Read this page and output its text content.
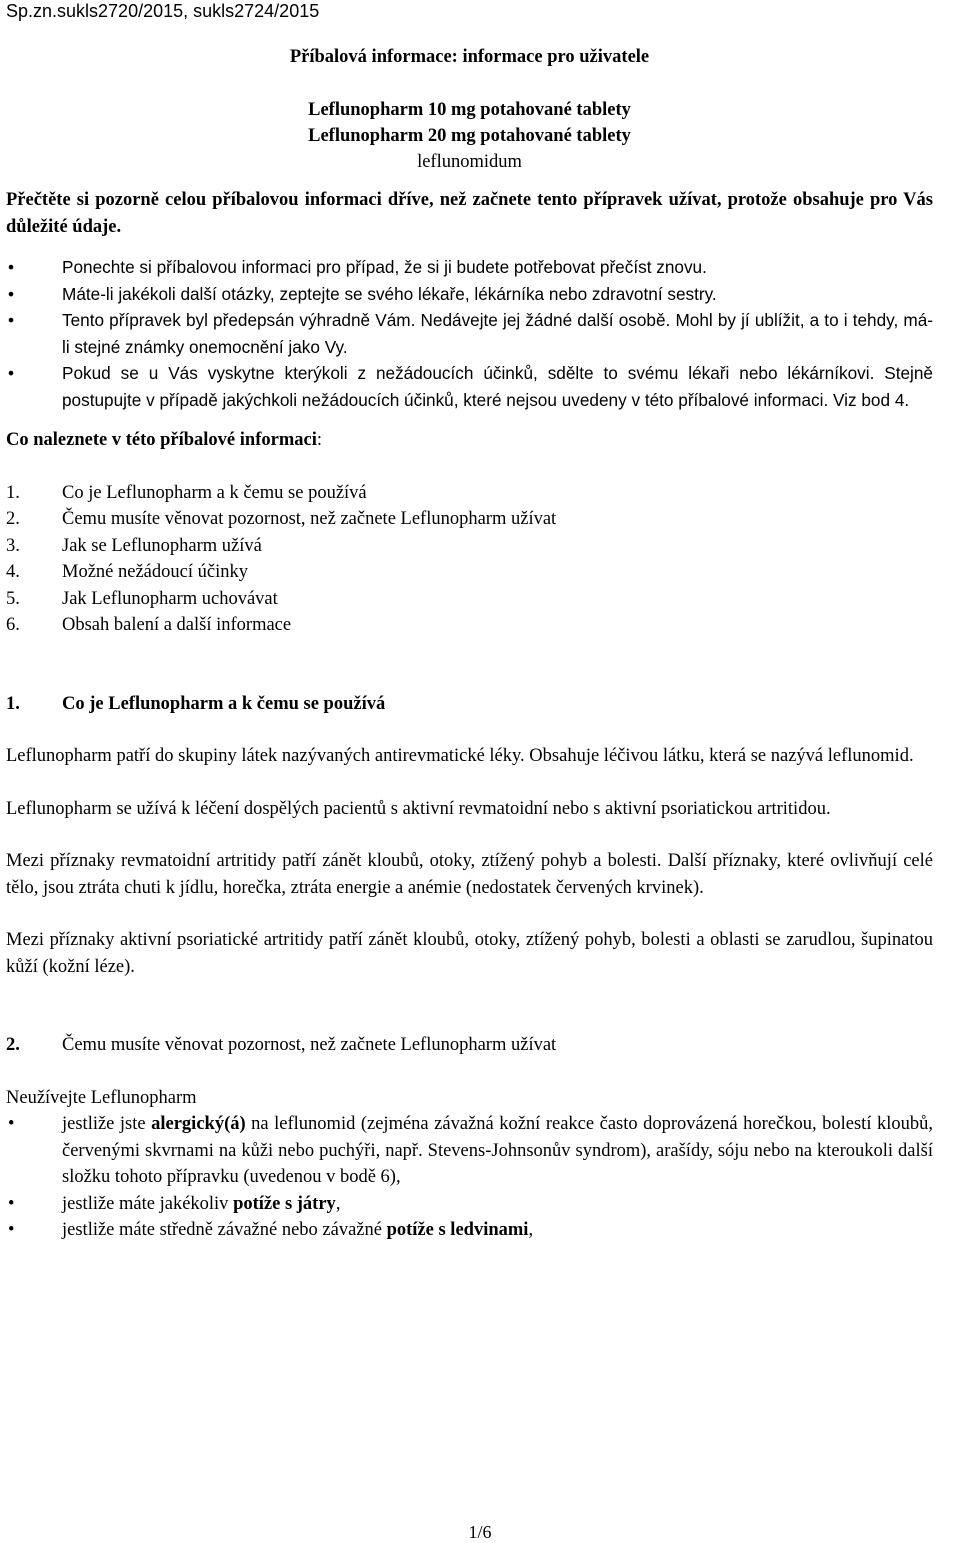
Sp.zn.sukls2720/2015, sukls2724/2015

Příbalová informace: informace pro uživatele

Leflunopharm 10 mg potahované tablety

Leflunopharm 20 mg potahované tablety

leflunomidum

Přečtěte si pozorně celou příbalovou informaci dříve, než začnete tento přípravek užívat, protože obsahuje pro Vás důležité údaje.

•	Ponechte si příbalovou informaci pro případ, že si ji budete potřebovat přečíst znovu.
•	Máte-li jakékoli další otázky, zeptejte se svého lékaře, lékárníka nebo zdravotní sestry.
•	Tento přípravek byl předepsán výhradně Vám. Nedávejte jej žádné další osobě. Mohl by jí ublížit, a to i tehdy, má-li stejné známky onemocnění jako Vy.
•	Pokud se u Vás vyskytne kterýkoli z nežádoucích účinků, sdělte to svému lékaři nebo lékárníkovi. Stejně postupujte v případě jakýchkoli nežádoucích účinků, které nejsou uvedeny v této příbalové informaci. Viz bod 4.

Co naleznete v této příbalové informaci:

1. Co je Leflunopharm a k čemu se používá
2. Čemu musíte věnovat pozornost, než začnete Leflunopharm užívat
3. Jak se Leflunopharm užívá
4. Možné nežádoucí účinky
5. Jak Leflunopharm uchovávat
6. Obsah balení a další informace

1. Co je Leflunopharm a k čemu se používá

Leflunopharm patří do skupiny látek nazývaných antirevmatické léky. Obsahuje léčivou látku, která se nazývá leflunomid.

Leflunopharm se užívá k léčení dospělých pacientů s aktivní revmatoidní nebo s aktivní psoriatickou artritidou.

Mezi příznaky revmatoidní artritidy patří zánět kloubů, otoky, ztížený pohyb a bolesti. Další příznaky, které ovlivňují celé tělo, jsou ztráta chuti k jídlu, horečka, ztráta energie a anémie (nedostatek červených krvinek).

Mezi příznaky aktivní psoriatické artritidy patří zánět kloubů, otoky, ztížený pohyb, bolesti a oblasti se zarudlou, šupinatou kůží (kožní léze).

2. Čemu musíte věnovat pozornost, než začnete Leflunopharm užívat

Neužívejte Leflunopharm

•	jestliže jste alergický(á) na leflunomid (zejména závažná kožní reakce často doprovázená horečkou, bolestí kloubů, červenými skvrnami na kůži nebo puchýři, např. Stevens-Johnsonův syndrom), arašídy, sóju nebo na kteroukoli další složku tohoto přípravku (uvedenou v bodě 6),
•	jestliže máte jakékoliv potíže s játry,
•	jestliže máte středně závažné nebo závažné potíže s ledvinami,
1/6
